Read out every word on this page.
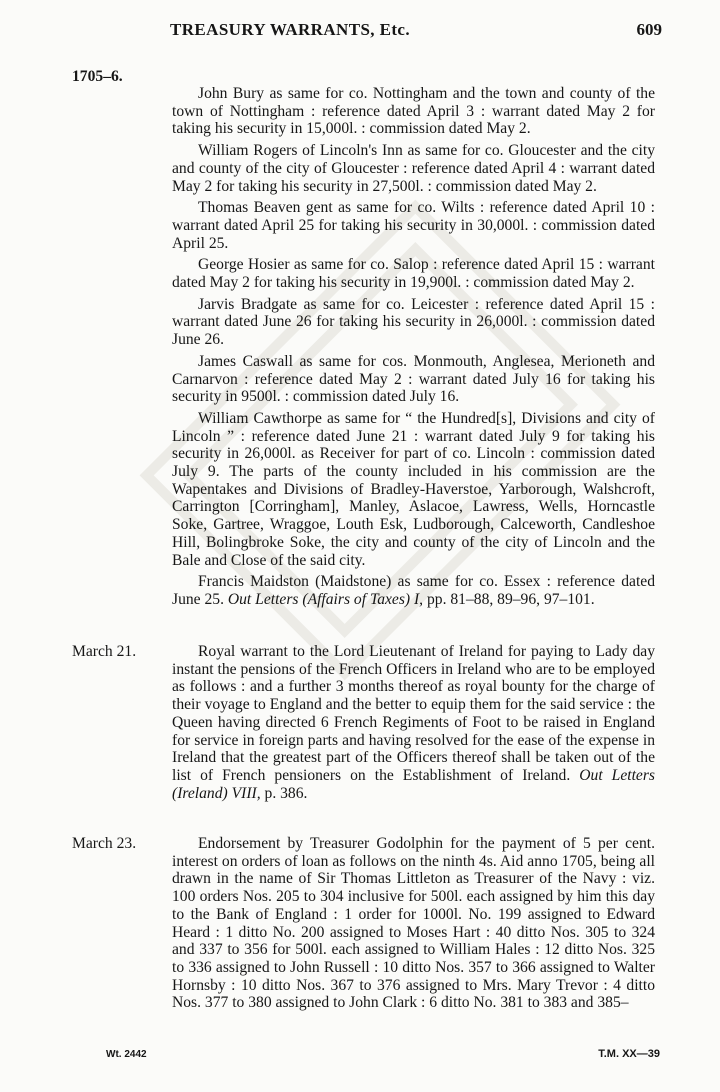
TREASURY WARRANTS, Etc.	609
1705–6.

John Bury as same for co. Nottingham and the town and county of the town of Nottingham : reference dated April 3 : warrant dated May 2 for taking his security in 15,000l. : commission dated May 2.

William Rogers of Lincoln's Inn as same for co. Gloucester and the city and county of the city of Gloucester : reference dated April 4 : warrant dated May 2 for taking his security in 27,500l. : commission dated May 2.

Thomas Beaven gent as same for co. Wilts : reference dated April 10 : warrant dated April 25 for taking his security in 30,000l. : commission dated April 25.

George Hosier as same for co. Salop : reference dated April 15 : warrant dated May 2 for taking his security in 19,900l. : commission dated May 2.

Jarvis Bradgate as same for co. Leicester : reference dated April 15 : warrant dated June 26 for taking his security in 26,000l. : commission dated June 26.

James Caswall as same for cos. Monmouth, Anglesea, Merioneth and Carnarvon : reference dated May 2 : warrant dated July 16 for taking his security in 9500l. : commission dated July 16.

William Cawthorpe as same for “ the Hundred[s], Divisions and city of Lincoln ” : reference dated June 21 : warrant dated July 9 for taking his security in 26,000l. as Receiver for part of co. Lincoln : commission dated July 9. The parts of the county included in his commission are the Wapentakes and Divisions of Bradley-Haverstoe, Yarborough, Walshcroft, Carrington [Corringham], Manley, Aslacoe, Lawress, Wells, Horncastle Soke, Gartree, Wraggoe, Louth Esk, Ludborough, Calceworth, Candleshoe Hill, Bolingbroke Soke, the city and county of the city of Lincoln and the Bale and Close of the said city.

Francis Maidston (Maidstone) as same for co. Essex : reference dated June 25. Out Letters (Affairs of Taxes) I, pp. 81–88, 89–96, 97–101.

March 21.	Royal warrant to the Lord Lieutenant of Ireland for paying to Lady day instant the pensions of the French Officers in Ireland who are to be employed as follows : and a further 3 months thereof as royal bounty for the charge of their voyage to England and the better to equip them for the said service : the Queen having directed 6 French Regiments of Foot to be raised in England for service in foreign parts and having resolved for the ease of the expense in Ireland that the greatest part of the Officers thereof shall be taken out of the list of French pensioners on the Establishment of Ireland. Out Letters (Ireland) VIII, p. 386.

March 23.	Endorsement by Treasurer Godolphin for the payment of 5 per cent. interest on orders of loan as follows on the ninth 4s. Aid anno 1705, being all drawn in the name of Sir Thomas Littleton as Treasurer of the Navy : viz. 100 orders Nos. 205 to 304 inclusive for 500l. each assigned by him this day to the Bank of England : 1 order for 1000l. No. 199 assigned to Edward Heard : 1 ditto No. 200 assigned to Moses Hart : 40 ditto Nos. 305 to 324 and 337 to 356 for 500l. each assigned to William Hales : 12 ditto Nos. 325 to 336 assigned to John Russell : 10 ditto Nos. 357 to 366 assigned to Walter Hornsby : 10 ditto Nos. 367 to 376 assigned to Mrs. Mary Trevor : 4 ditto Nos. 377 to 380 assigned to John Clark : 6 ditto No. 381 to 383 and 385–

Wt. 2442	T.M. XX—39
